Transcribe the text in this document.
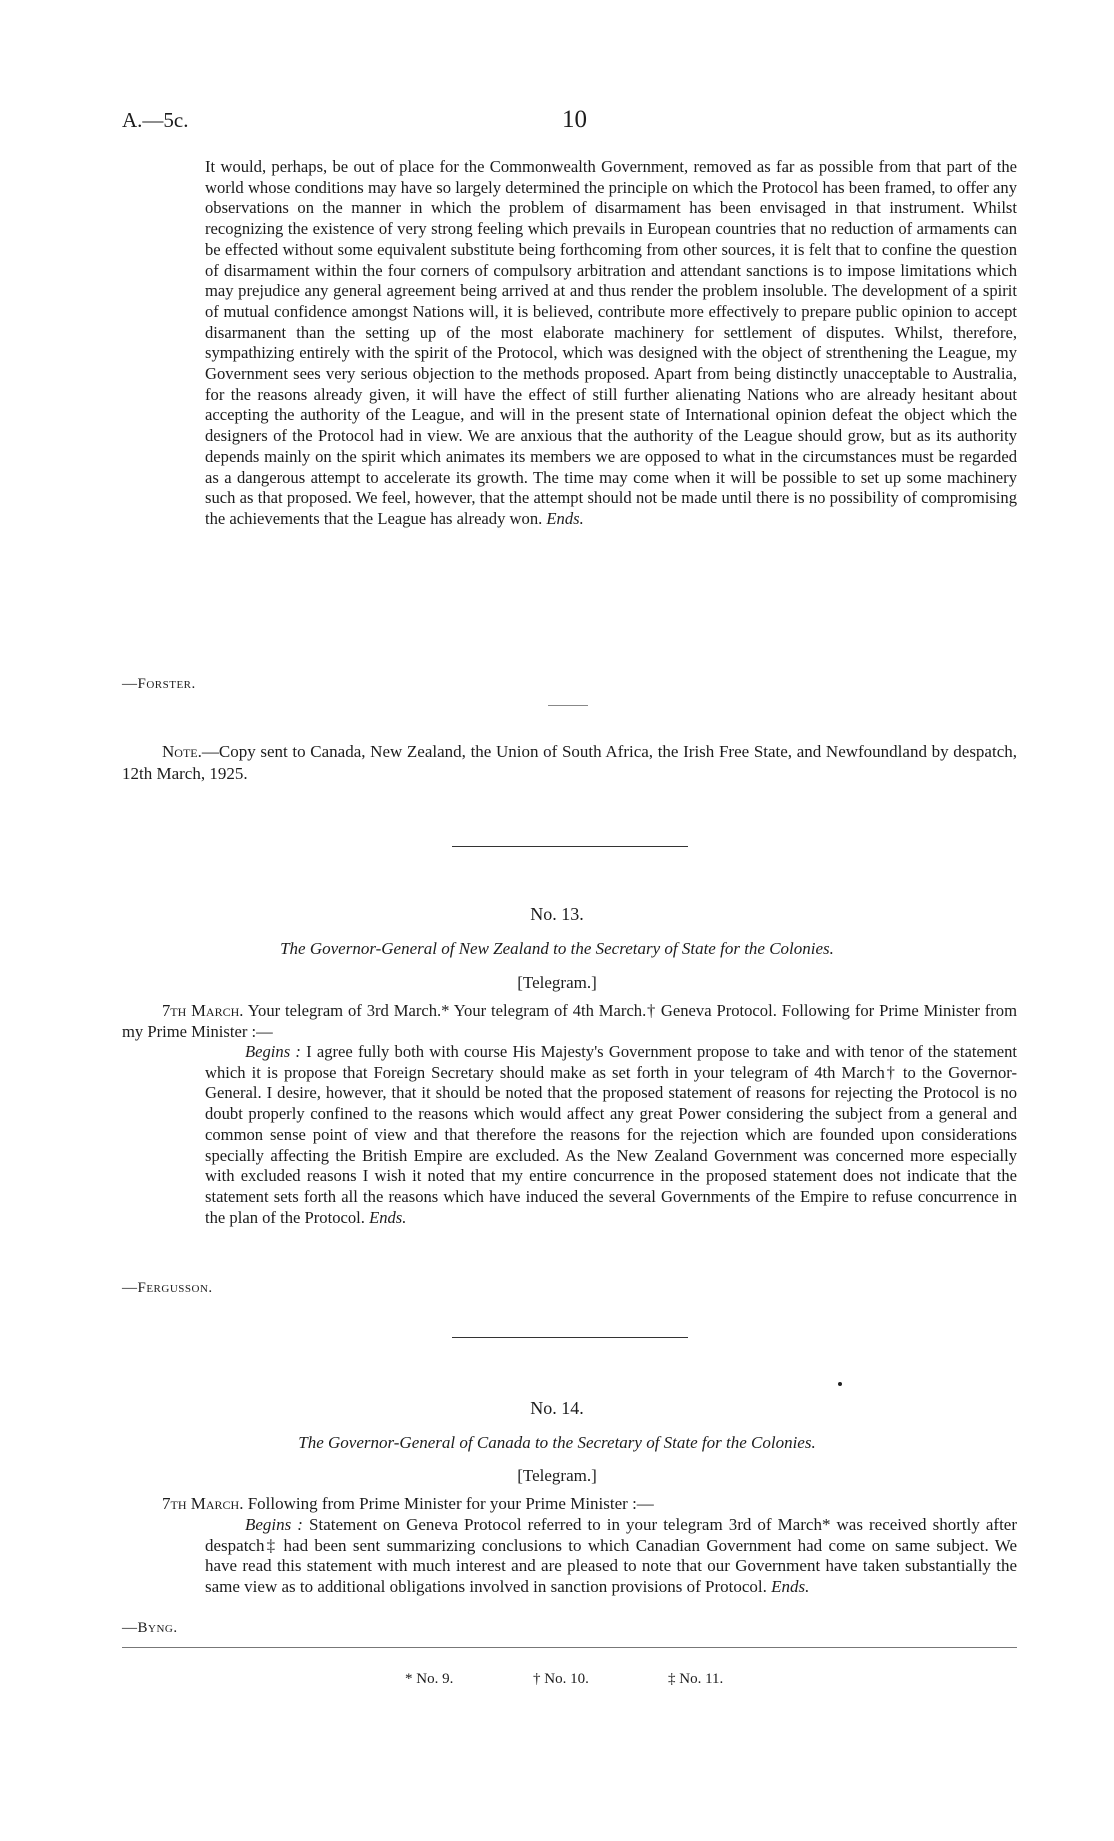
A.—5c.	10

It would, perhaps, be out of place for the Commonwealth Government, removed as far as possible from that part of the world whose conditions may have so largely determined the principle on which the Protocol has been framed, to offer any observations on the manner in which the problem of disarmament has been envisaged in that instrument. Whilst recognizing the existence of very strong feeling which prevails in European countries that no reduction of armaments can be effected without some equivalent substitute being forthcoming from other sources, it is felt that to confine the question of disarmament within the four corners of compulsory arbitration and attendant sanctions is to impose limitations which may prejudice any general agreement being arrived at and thus render the problem insoluble. The development of a spirit of mutual confidence amongst Nations will, it is believed, contribute more effectively to prepare public opinion to accept disarmanent than the setting up of the most elaborate machinery for settlement of disputes. Whilst, therefore, sympathizing entirely with the spirit of the Protocol, which was designed with the object of strenthening the League, my Government sees very serious objection to the methods proposed. Apart from being distinctly unacceptable to Australia, for the reasons already given, it will have the effect of still further alienating Nations who are already hesitant about accepting the authority of the League, and will in the present state of International opinion defeat the object which the designers of the Protocol had in view. We are anxious that the authority of the League should grow, but as its authority depends mainly on the spirit which animates its members we are opposed to what in the circumstances must be regarded as a dangerous attempt to accelerate its growth. The time may come when it will be possible to set up some machinery such as that proposed. We feel, however, that the attempt should not be made until there is no possibility of compromising the achievements that the League has already won. Ends.

—Forster.

Note.—Copy sent to Canada, New Zealand, the Union of South Africa, the Irish Free State, and Newfoundland by despatch, 12th March, 1925.

No. 13.
The Governor-General of New Zealand to the Secretary of State for the Colonies.
[Telegram.]

7th March. Your telegram of 3rd March.* Your telegram of 4th March.† Geneva Protocol. Following for Prime Minister from my Prime Minister :—

Begins : I agree fully both with course His Majesty's Government propose to take and with tenor of the statement which it is propose that Foreign Secretary should make as set forth in your telegram of 4th March† to the Governor-General. I desire, however, that it should be noted that the proposed statement of reasons for rejecting the Protocol is no doubt properly confined to the reasons which would affect any great Power considering the subject from a general and common sense point of view and that therefore the reasons for the rejection which are founded upon considerations specially affecting the British Empire are excluded. As the New Zealand Government was concerned more especially with excluded reasons I wish it noted that my entire concurrence in the proposed statement does not indicate that the statement sets forth all the reasons which have induced the several Governments of the Empire to refuse concurrence in the plan of the Protocol. Ends.

—Fergusson.
No. 14.
The Governor-General of Canada to the Secretary of State for the Colonies.
[Telegram.]

7th March. Following from Prime Minister for your Prime Minister :—

Begins : Statement on Geneva Protocol referred to in your telegram 3rd of March* was received shortly after despatch‡ had been sent summarizing conclusions to which Canadian Government had come on same subject. We have read this statement with much interest and are pleased to note that our Government have taken substantially the same view as to additional obligations involved in sanction provisions of Protocol. Ends.

—Byng.
* No. 9.	† No. 10.	‡ No. 11.
